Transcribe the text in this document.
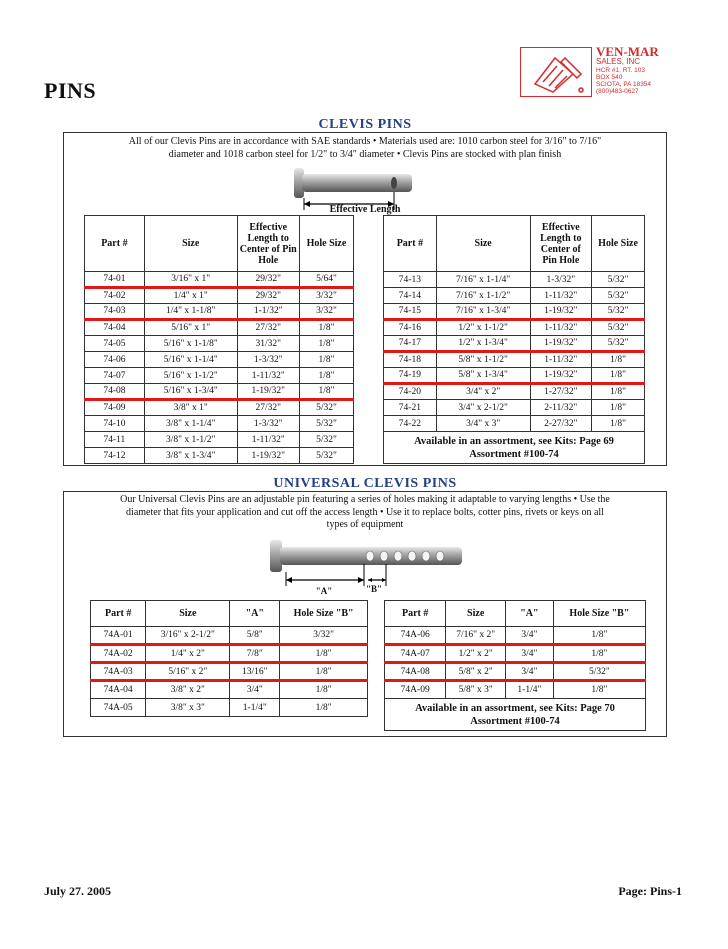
PINS
VEN-MAR
SALES, INC
HCR #1, RT. 103
BOX 540
SCIOTA, PA 18354
(800)483-0627
CLEVIS PINS
All of our Clevis Pins are in accordance with SAE standards • Materials used are: 1010 carbon steel for 3/16" to 7/16"
diameter and 1018 carbon steel for 1/2" to 3/4" diameter • Clevis Pins are stocked with plan finish
Effective Length
Part #	Size	Effective Length to Center of Pin Hole	Hole Size
74-01	3/16" x 1"	29/32"	5/64"
74-02	1/4" x 1"	29/32"	3/32"
74-03	1/4" x 1-1/8"	1-1/32"	3/32"
74-04	5/16" x 1"	27/32"	1/8"
74-05	5/16" x 1-1/8"	31/32"	1/8"
74-06	5/16" x 1-1/4"	1-3/32"	1/8"
74-07	5/16" x 1-1/2"	1-11/32"	1/8"
74-08	5/16" x 1-3/4"	1-19/32"	1/8"
74-09	3/8" x 1"	27/32"	5/32"
74-10	3/8" x 1-1/4"	1-3/32"	5/32"
74-11	3/8" x 1-1/2"	1-11/32"	5/32"
74-12	3/8" x 1-3/4"	1-19/32"	5/32"
Part #	Size	Effective Length to Center of Pin Hole	Hole Size
74-13	7/16" x 1-1/4"	1-3/32"	5/32"
74-14	7/16" x 1-1/2"	1-11/32"	5/32"
74-15	7/16" x 1-3/4"	1-19/32"	5/32"
74-16	1/2" x 1-1/2"	1-11/32"	5/32"
74-17	1/2" x 1-3/4"	1-19/32"	5/32"
74-18	5/8" x 1-1/2"	1-11/32"	1/8"
74-19	5/8" x 1-3/4"	1-19/32"	1/8"
74-20	3/4" x 2"	1-27/32"	1/8"
74-21	3/4" x 2-1/2"	2-11/32"	1/8"
74-22	3/4" x 3"	2-27/32"	1/8"

Available in an assortment, see Kits: Page 69
Assortment #100-74			
UNIVERSAL CLEVIS PINS
Our Universal Clevis Pins are an adjustable pin featuring a series of holes making it adaptable to varying lengths • Use the
diameter that fits your application and cut off the access length • Use it to replace bolts, cotter pins, rivets or keys on all
types of equipment
"A"	"B"
Part #	Size	"A"	Hole Size "B"
74A-01	3/16" x 2-1/2"	5/8"	3/32"
74A-02	1/4" x 2"	7/8"	1/8"
74A-03	5/16" x 2"	13/16"	1/8"
74A-04	3/8" x 2"	3/4"	1/8"
74A-05	3/8" x 3"	1-1/4"	1/8"
Part #	Size	"A"	Hole Size "B"
74A-06	7/16" x 2"	3/4"	1/8"
74A-07	1/2" x 2"	3/4"	1/8"
74A-08	5/8" x 2"	3/4"	5/32"
74A-09	5/8" x 3"	1-1/4"	1/8"

Available in an assortment, see Kits: Page 70
Assortment #100-74			
July 27. 2005	Page: Pins-1
